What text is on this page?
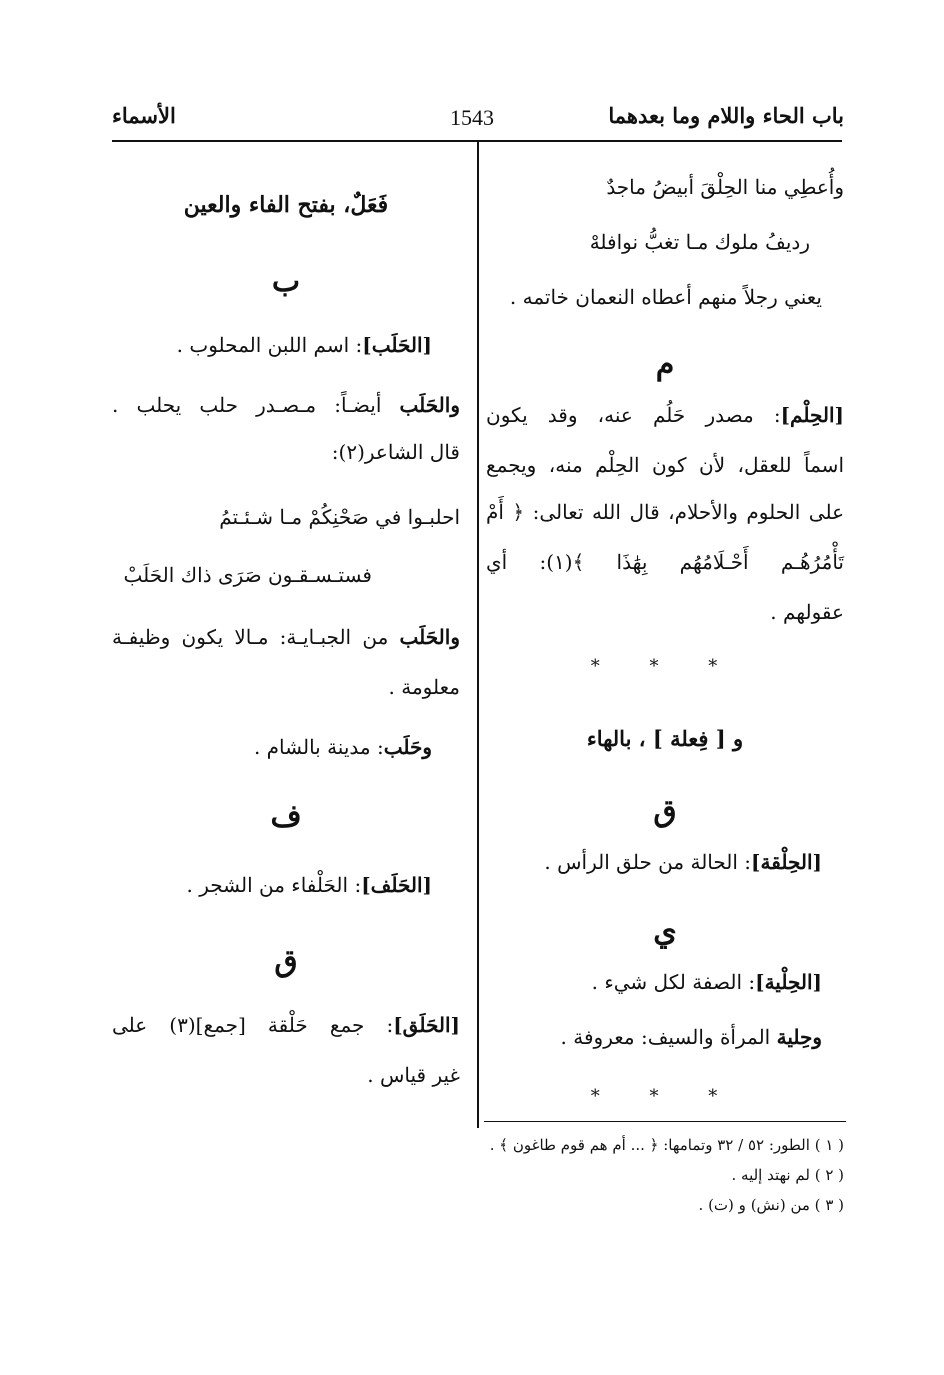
باب الحاء واللام وما بعدهما
1543
الأسماء
وأُعطِي منا الحِلْقَ أبيضُ ماجدٌ
رديفُ ملوك مـا تغبُّ نوافلهْ
يعني رجلاً منهم أعطاه النعمان خاتمه .
م
[الحِلْم]: مصدر حَلُم عنه، وقد يكون
اسماً للعقل، لأن كون الحِلْم منه، ويجمع
على الحلوم والأحلام، قال الله تعالى: ﴿ أَمْ
تَأْمُرُهُـم أَحْـلَامُهُم بِهَٰذَا ﴾(١): أي
عقولهم .
* * *
و [ فِعلة ] ، بالهاء
ق
[الحِلْقة]: الحالة من حلق الرأس .
ي
[الحِلْية]: الصفة لكل شيء .
وحِلية المرأة والسيف: معروفة .
* * *
فَعَلٌ، بفتح الفاء والعين
ب
[الحَلَب]: اسم اللبن المحلوب .
والحَلَب أيضـاً: مـصـدر حلب يحلب .
قال الشاعر(٢):
احلبـوا في صَحْنِكُمْ مـا شـئـتمُ
فستـسـقـون صَرَى ذاك الحَلَبْ
والحَلَب من الجبـايـة: مـالا يكون وظيفـة
معلومة .
وحَلَب: مدينة بالشام .
ف
[الحَلَف]: الحَلْفاء من الشجر .
ق
[الحَلَق]: جمع حَلْقة [جمع](٣) على
غير قياس .
( ١ ) الطور: ٥٢ / ٣٢ وتمامها: ﴿ ... أم هم قوم طاغون ﴾ .
( ٢ ) لم نهتد إليه .
( ٣ ) من (نش) و (ت) .
